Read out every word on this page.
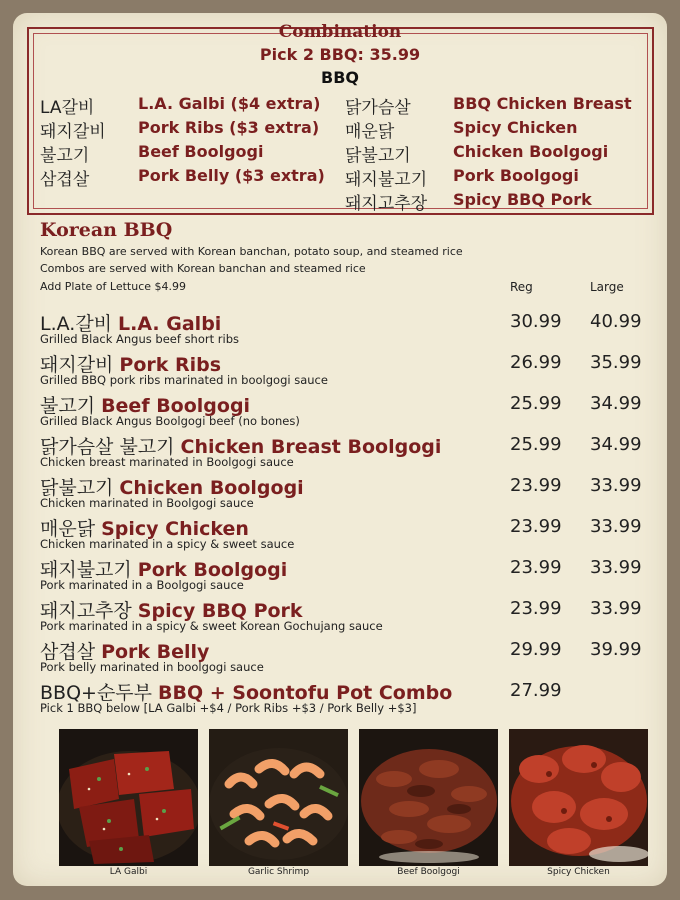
Combination
Pick 2 BBQ: 35.99
BBQ
LA갈비	L.A. Galbi ($4 extra)
돼지갈비 Pork Ribs ($3 extra)
불고기	Beef Boolgogi
삼겹살	Pork Belly ($3 extra)
닭가슴살	BBQ Chicken Breast
매운닭	Spicy Chicken
닭불고기	Chicken Boolgogi
돼지불고기 Pork Boolgogi
돼지고추장 Spicy BBQ Pork
Korean BBQ
Korean BBQ are served with Korean banchan, potato soup, and steamed rice
Combos are served with Korean banchan and steamed rice
Add Plate of Lettuce $4.99	Reg	Large
L.A.갈비 L.A. Galbi
Grilled Black Angus beef short ribs
30.99 40.99
돼지갈비 Pork Ribs
Grilled BBQ pork ribs marinated in boolgogi sauce
26.99 35.99
불고기 Beef Boolgogi
Grilled Black Angus Boolgogi beef (no bones)
25.99 34.99
닭가슴살 불고기 Chicken Breast Boolgogi
Chicken breast marinated in Boolgogi sauce
25.99 34.99
닭불고기 Chicken Boolgogi
Chicken marinated in Boolgogi sauce
23.99 33.99
매운닭 Spicy Chicken
Chicken marinated in a spicy & sweet sauce
23.99 33.99
돼지불고기 Pork Boolgogi
Pork marinated in a Boolgogi sauce
23.99 33.99
돼지고추장 Spicy BBQ Pork
Pork marinated in a spicy & sweet Korean Gochujang sauce
23.99 33.99
삼겹살 Pork Belly
Pork belly marinated in boolgogi sauce
29.99 39.99
BBQ+순두부 BBQ + Soontofu Pot Combo
Pick 1 BBQ below [LA Galbi +$4 / Pork Ribs +$3 / Pork Belly +$3]
27.99
LA Galbi	Garlic Shrimp	Beef Boolgogi	Spicy Chicken
